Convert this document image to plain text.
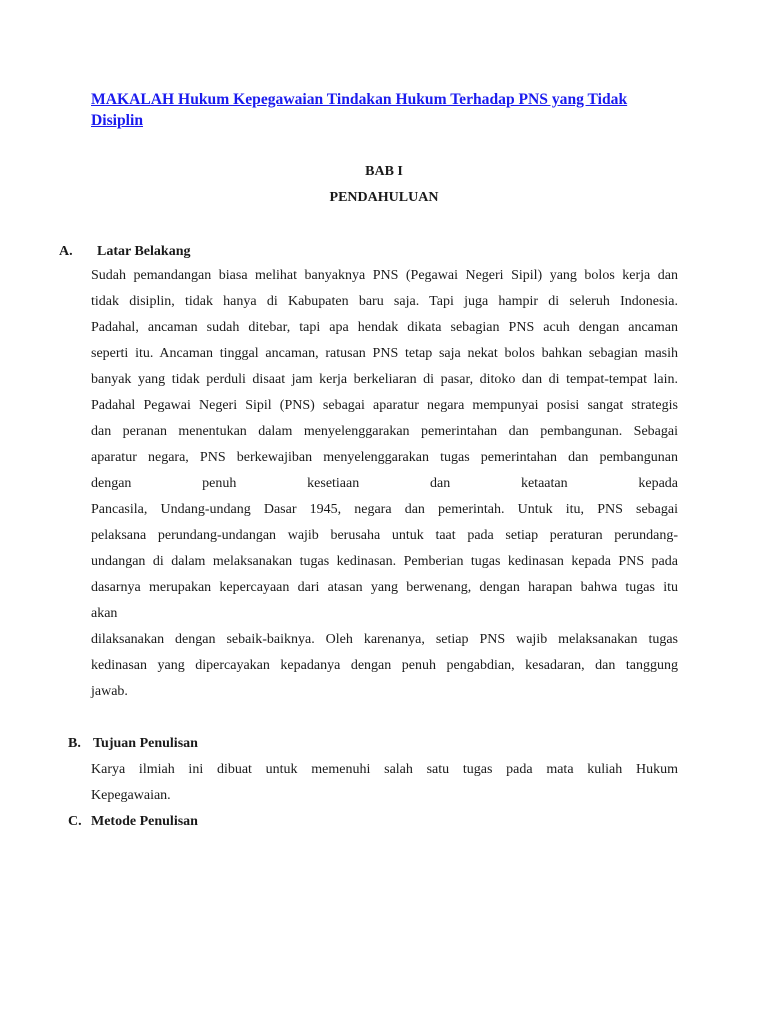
MAKALAH Hukum Kepegawaian Tindakan Hukum Terhadap PNS yang Tidak
Disiplin
BAB I
PENDAHULUAN
A. Latar Belakang
Sudah pemandangan biasa melihat banyaknya PNS (Pegawai Negeri Sipil) yang bolos kerja dan
tidak disiplin, tidak hanya di Kabupaten baru saja. Tapi juga hampir di seleruh Indonesia.
Padahal, ancaman sudah ditebar, tapi apa hendak dikata sebagian PNS acuh dengan ancaman
seperti itu. Ancaman tinggal ancaman, ratusan PNS tetap saja nekat bolos bahkan sebagian masih
banyak yang tidak perduli disaat jam kerja berkeliaran di pasar, ditoko dan di tempat-tempat lain.
Padahal Pegawai Negeri Sipil (PNS) sebagai aparatur negara mempunyai posisi sangat strategis
dan peranan menentukan dalam menyelenggarakan pemerintahan dan pembangunan. Sebagai
aparatur negara, PNS berkewajiban menyelenggarakan tugas pemerintahan dan pembangunan
dengan penuh kesetiaan dan ketaatan kepada
Pancasila, Undang-undang Dasar 1945, negara dan pemerintah. Untuk itu, PNS sebagai
pelaksana perundang-undangan wajib berusaha untuk taat pada setiap peraturan perundang-
undangan di dalam melaksanakan tugas kedinasan. Pemberian tugas kedinasan kepada PNS pada
dasarnya merupakan kepercayaan dari atasan yang berwenang, dengan harapan bahwa tugas itu
akan
dilaksanakan dengan sebaik-baiknya. Oleh karenanya, setiap PNS wajib melaksanakan tugas
kedinasan yang dipercayakan kepadanya dengan penuh pengabdian, kesadaran, dan tanggung
jawab.
B. Tujuan Penulisan
Karya ilmiah ini dibuat untuk memenuhi salah satu tugas pada mata kuliah Hukum
Kepegawaian.
C. Metode Penulisan
